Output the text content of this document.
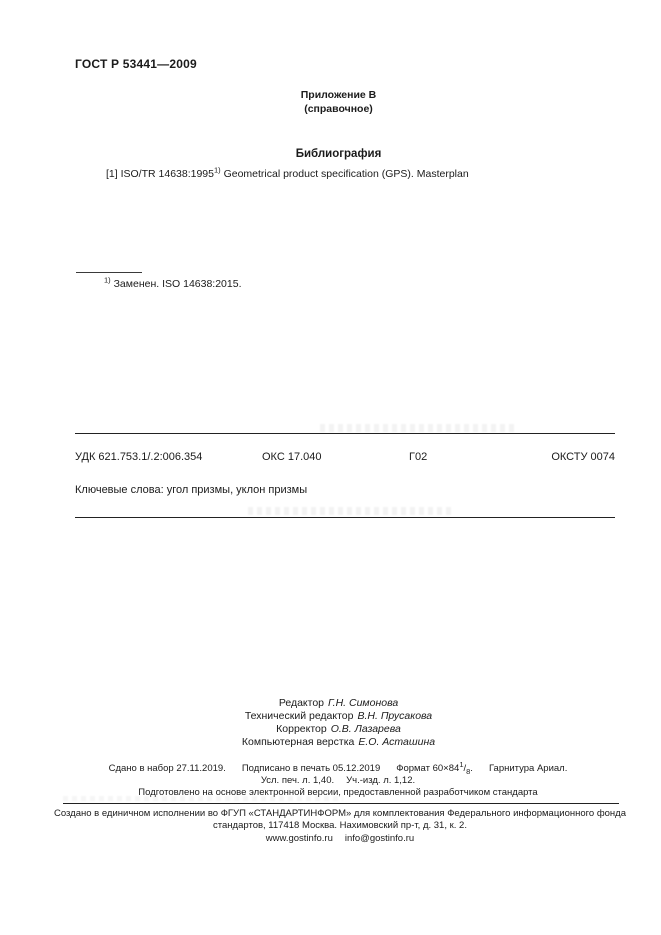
ГОСТ Р 53441—2009
Приложение В
(справочное)
Библиография
[1] ISO/TR 14638:1995$^{1)}$ Geometrical product specification (GPS). Masterplan
$^{1)}$ Заменен. ISO 14638:2015.
УДК 621.753.1/.2:006.354	ОКС 17.040	Г02	ОКСТУ 0074
Ключевые слова: угол призмы, уклон призмы
Редактор Г.Н. Симонова
Технический редактор В.Н. Прусакова
Корректор О.В. Лазарева
Компьютерная верстка Е.О. Асташина
Сдано в набор 27.11.2019. Подписано в печать 05.12.2019 Формат $60\times 84^1/_8$. Гарнитура Ариал.
Усл. печ. л. 1,40. Уч.-изд. л. 1,12.
Подготовлено на основе электронной версии, предоставленной разработчиком стандарта
Создано в единичном исполнении во ФГУП «СТАНДАРТИНФОРМ» для комплектования Федерального информационного фонда
стандартов, 117418 Москва. Нахимовский пр-т, д. 31, к. 2.
www.gostinfo.ru info@gostinfo.ru
